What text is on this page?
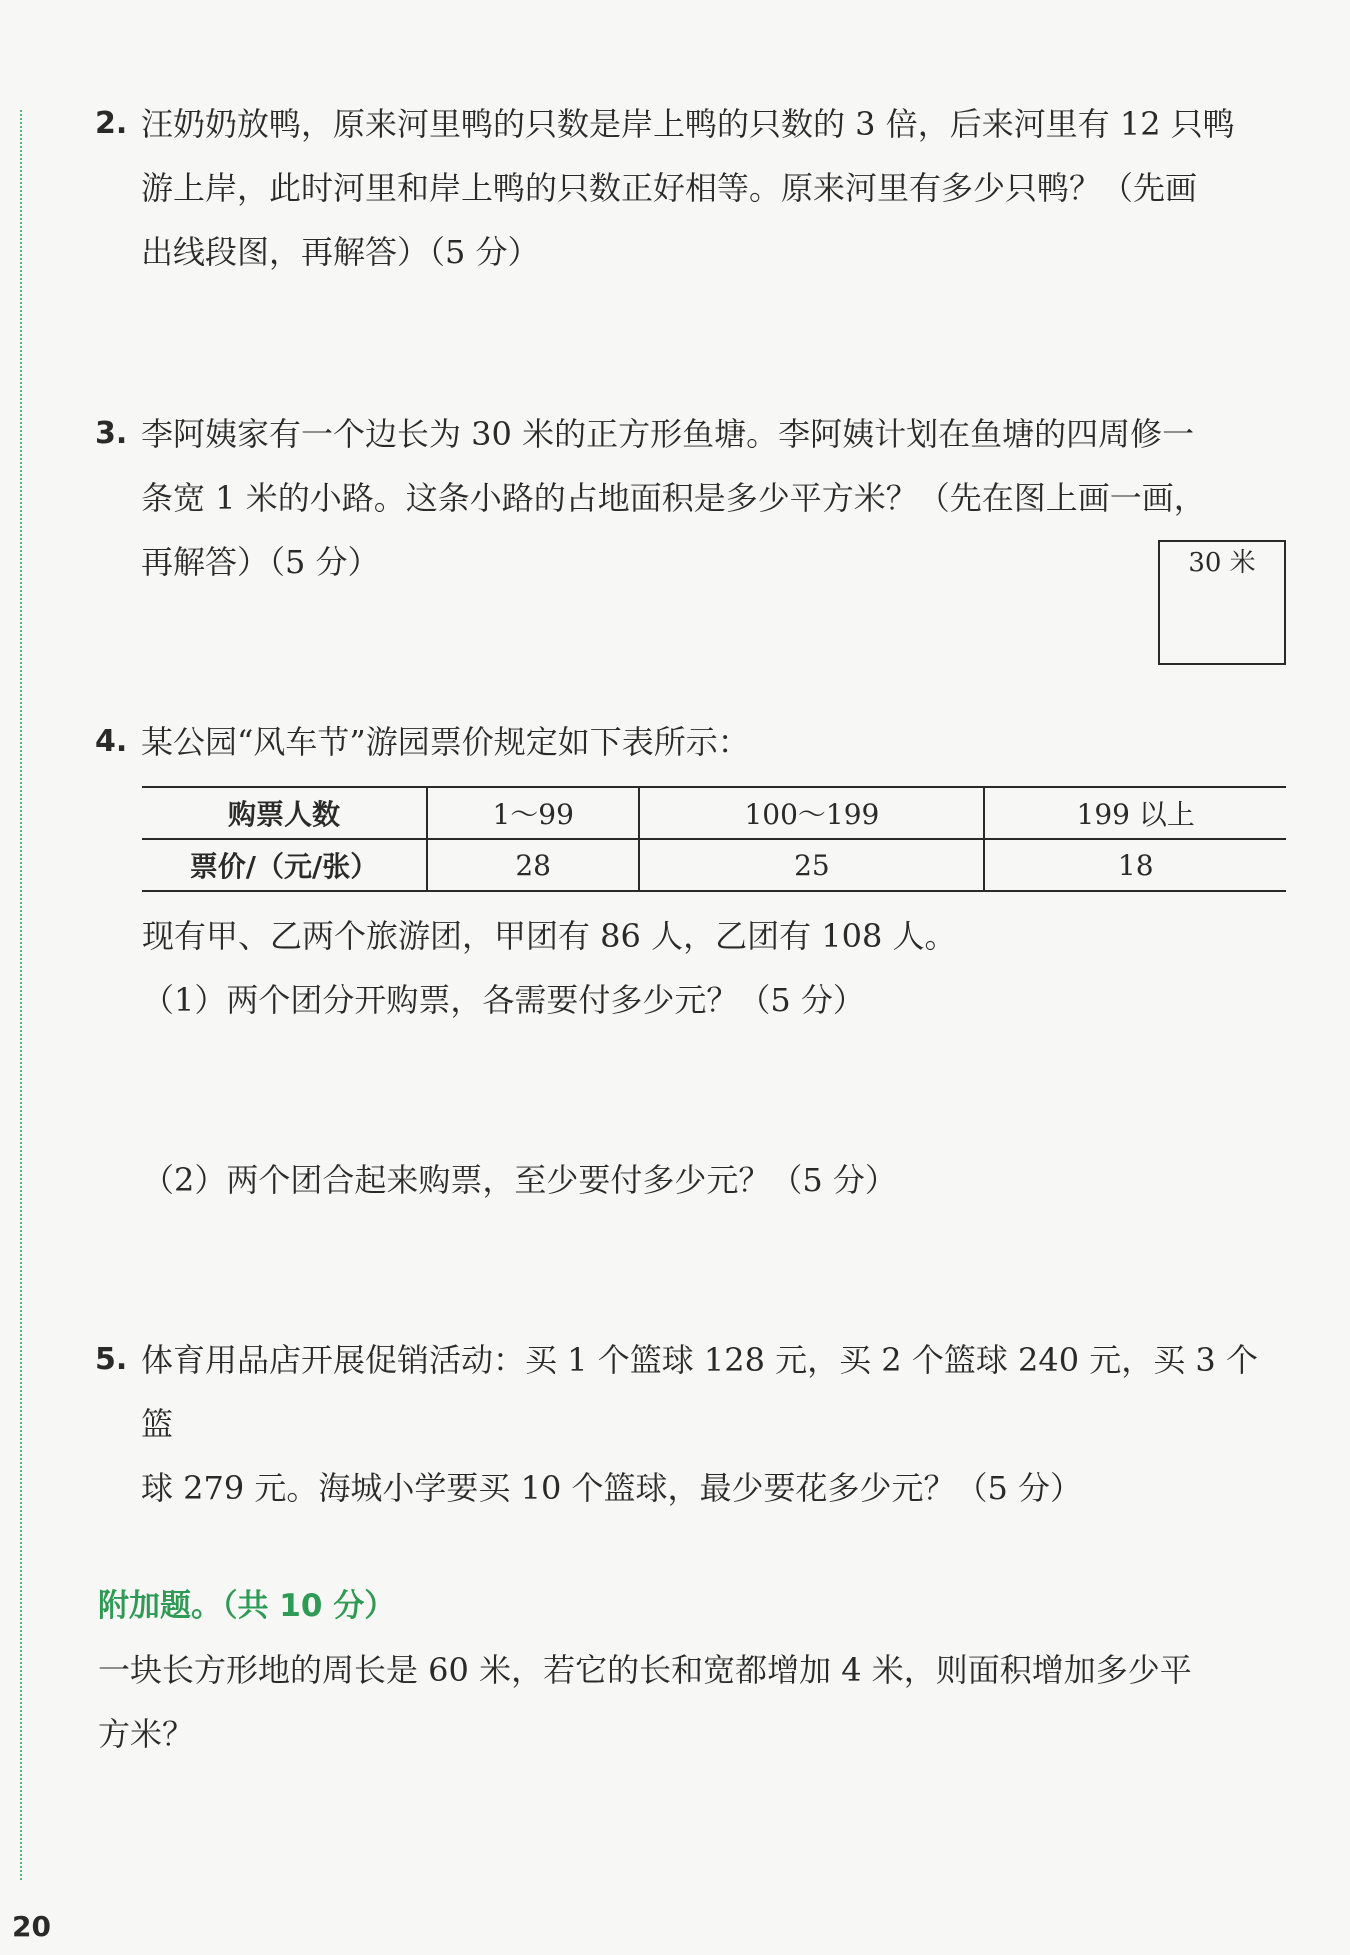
2. 汪奶奶放鸭，原来河里鸭的只数是岸上鸭的只数的 3 倍，后来河里有 12 只鸭

游上岸，此时河里和岸上鸭的只数正好相等。原来河里有多少只鸭？（先画

出线段图，再解答）（5 分）

3. 李阿姨家有一个边长为 30 米的正方形鱼塘。李阿姨计划在鱼塘的四周修一

条宽 1 米的小路。这条小路的占地面积是多少平方米？（先在图上画一画，

再解答）（5 分）	30 米
4. 某公园“风车节”游园票价规定如下表所示：

购票人数	1～99	100～199	199 以上
票价/（元/张）	28	25	18
现有甲、乙两个旅游团，甲团有 86 人，乙团有 108 人。
（1）两个团分开购票，各需要付多少元？（5 分）
（2）两个团合起来购票，至少要付多少元？（5 分）
5. 体育用品店开展促销活动：买 1 个篮球 128 元，买 2 个篮球 240 元，买 3 个篮

球 279 元。海城小学要买 10 个篮球，最少要花多少元？（5 分）

附加题。（共 10 分）

一块长方形地的周长是 60 米，若它的长和宽都增加 4 米，则面积增加多少平

方米？

20
